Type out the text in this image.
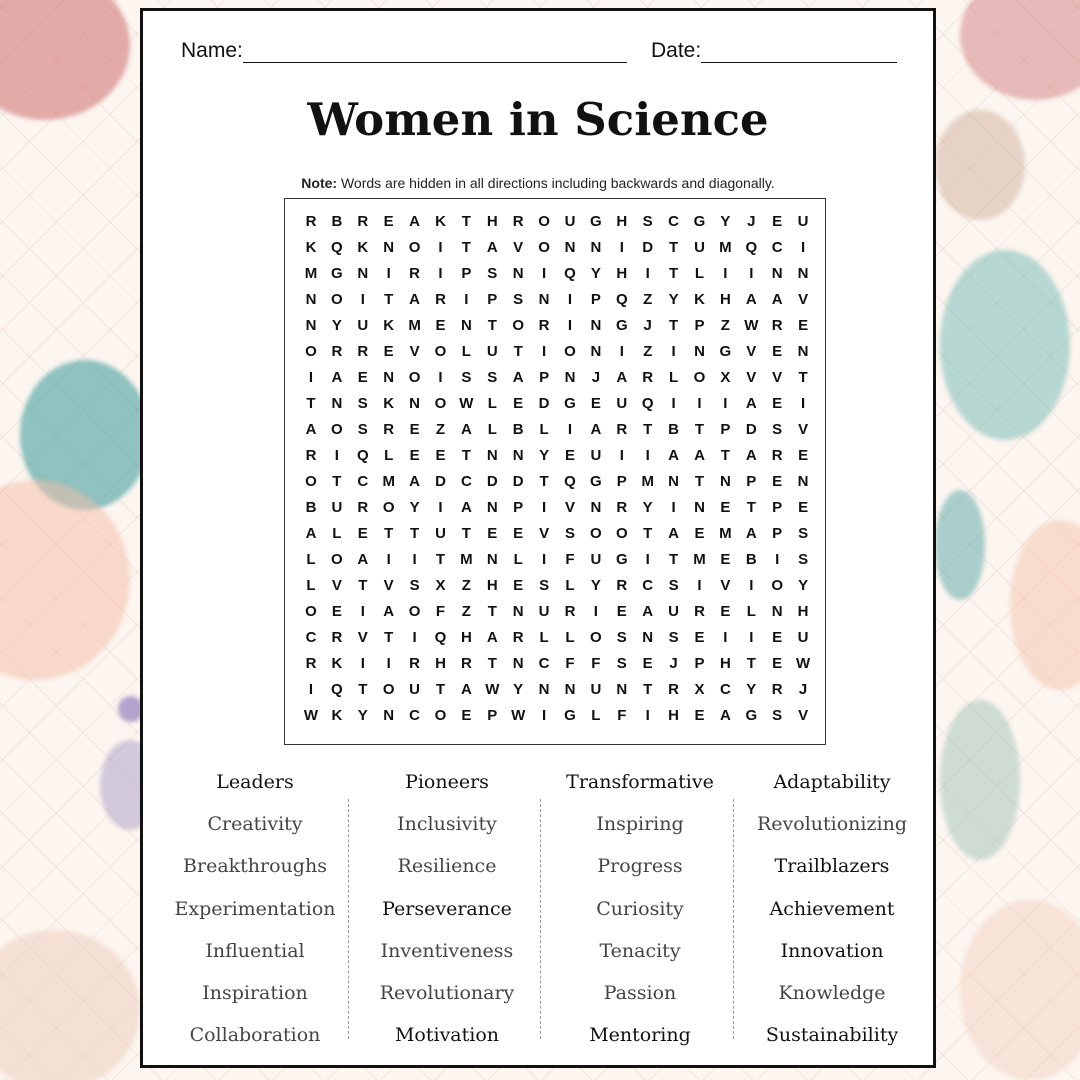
Name:	Date:
Women in Science
Note: Words are hidden in all directions including backwards and diagonally.
R	B	R	E	A	K	T	H	R O U G H	S	C G	Y	J	E	U
K Q K	N O	I	T	A	V	O N	N	I	D	T	U M Q C	I
M G N	I	R	I	P	S	N	I	Q	Y	H	I	T	L	I	I	N	N
N O	I	T	A	R	I	P	S	N	I	P	Q	Z	Y	K	H	A	A	V
N	Y	U	K M E	N	T	O R	I	N G	J	T	P	Z W R	E
O R	R	E	V	O	L	U	T	I	O N	I	Z	I	N G	V	E	N
I	A	E	N O	I	S	S	A	P	N	J	A	R	L	O	X	V	V	T
T	N	S	K	N O W L	E	D G	E	U Q	I	I	I	A	E	I
A O	S	R	E	Z	A	L	B	L	I	A	R	T	B	T	P	D	S	V
R	I	Q	L	E	E	T	N	N	Y	E	U	I	I	A	A	T	A	R	E
O	T	C M A	D	C	D	D	T	Q G	P M N	T	N	P	E	N
B	U	R O	Y	I	A	N	P	I	V	N	R	Y	I	N	E	T	P	E
A	L	E	T	T	U	T	E	E	V	S	O O	T	A	E M A	P	S
L	O A	I	I	T	M N	L	I	F	U G	I	T	M E	B	I	S
L	V	T	V	S	X	Z	H	E	S	L	Y	R	C	S	I	V	I	O	Y
O	E	I	A O	F	Z	T	N	U	R	I	E	A	U	R	E	L	N	H
C	R	V	T	I	Q H	A	R	L	L	O	S	N	S	E	I	I	E	U
R	K	I	I	R	H	R	T	N	C	F	F	S	E	J	P	H	T	E W
I	Q	T	O U	T	A W Y	N	N	U	N	T	R	X	C	Y	R	J
W K	Y	N	C O	E	P W	I	G	L	F	I	H	E	A G	S	V
Leaders
Creativity
Breakthroughs
Experimentation
Influential
Inspiration
Collaboration
Pioneers
Inclusivity
Resilience
Perseverance
Inventiveness
Revolutionary
Motivation
Transformative
Inspiring
Progress
Curiosity
Tenacity
Passion
Mentoring
Adaptability
Revolutionizing
Trailblazers
Achievement
Innovation
Knowledge
Sustainability
